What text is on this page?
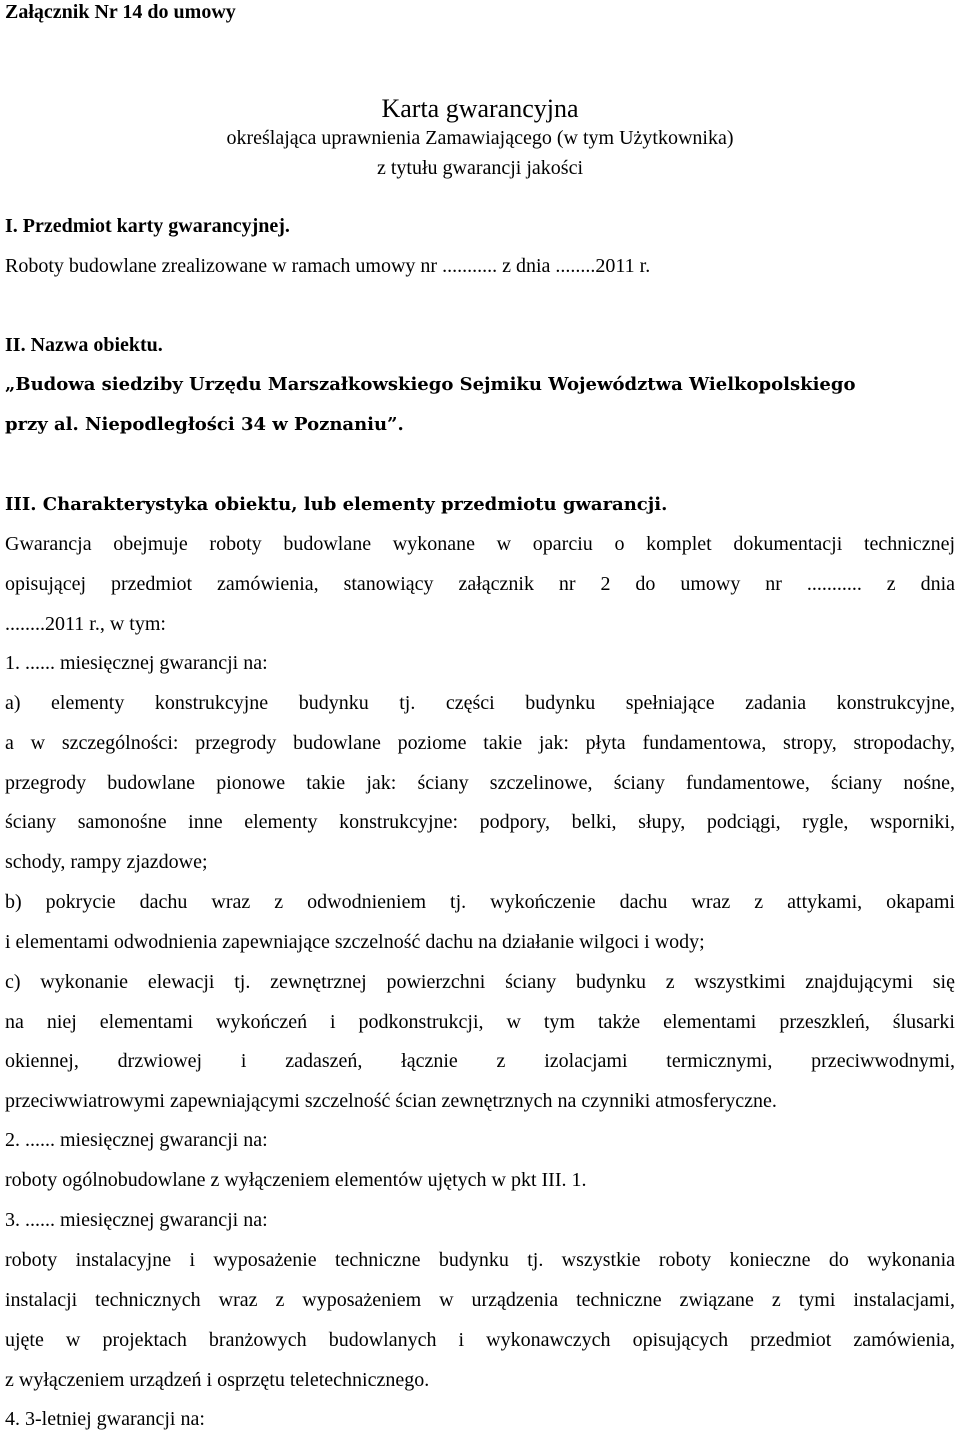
Załącznik Nr 14 do umowy
Karta gwarancyjna
określająca uprawnienia Zamawiającego (w tym Użytkownika)
z tytułu gwarancji jakości
I. Przedmiot karty gwarancyjnej.
Roboty budowlane zrealizowane w ramach umowy nr ........... z dnia ........2011 r.
II. Nazwa obiektu.
„Budowa siedziby Urzędu Marszałkowskiego Sejmiku Województwa Wielkopolskiego
przy al. Niepodległości 34 w Poznaniu”.
III. Charakterystyka obiektu, lub elementy przedmiotu gwarancji.
Gwarancja obejmuje roboty budowlane wykonane w oparciu o komplet dokumentacji technicznej
opisującej przedmiot zamówienia, stanowiący załącznik nr 2 do umowy nr ........... z dnia
........2011 r., w tym:
1. ...... miesięcznej gwarancji na:
a) elementy konstrukcyjne budynku tj. części budynku spełniające zadania konstrukcyjne,
a w szczególności: przegrody budowlane poziome takie jak: płyta fundamentowa, stropy, stropodachy,
przegrody budowlane pionowe takie jak: ściany szczelinowe, ściany fundamentowe, ściany nośne,
ściany samonośne inne elementy konstrukcyjne: podpory, belki, słupy, podciągi, rygle, wsporniki,
schody, rampy zjazdowe;
b) pokrycie dachu wraz z odwodnieniem tj. wykończenie dachu wraz z attykami, okapami
i elementami odwodnienia zapewniające szczelność dachu na działanie wilgoci i wody;
c) wykonanie elewacji tj. zewnętrznej powierzchni ściany budynku z wszystkimi znajdującymi się
na niej elementami wykończeń i podkonstrukcji, w tym także elementami przeszkleń, ślusarki
okiennej, drzwiowej i zadaszeń, łącznie z izolacjami termicznymi, przeciwwodnymi,
przeciwwiatrowymi zapewniającymi szczelność ścian zewnętrznych na czynniki atmosferyczne.
2. ...... miesięcznej gwarancji na:
roboty ogólnobudowlane z wyłączeniem elementów ujętych w pkt III. 1.
3. ...... miesięcznej gwarancji na:
roboty instalacyjne i wyposażenie techniczne budynku tj. wszystkie roboty konieczne do wykonania
instalacji technicznych wraz z wyposażeniem w urządzenia techniczne związane z tymi instalacjami,
ujęte w projektach branżowych budowlanych i wykonawczych opisujących przedmiot zamówienia,
z wyłączeniem urządzeń i osprzętu teletechnicznego.
4. 3-letniej gwarancji na:
